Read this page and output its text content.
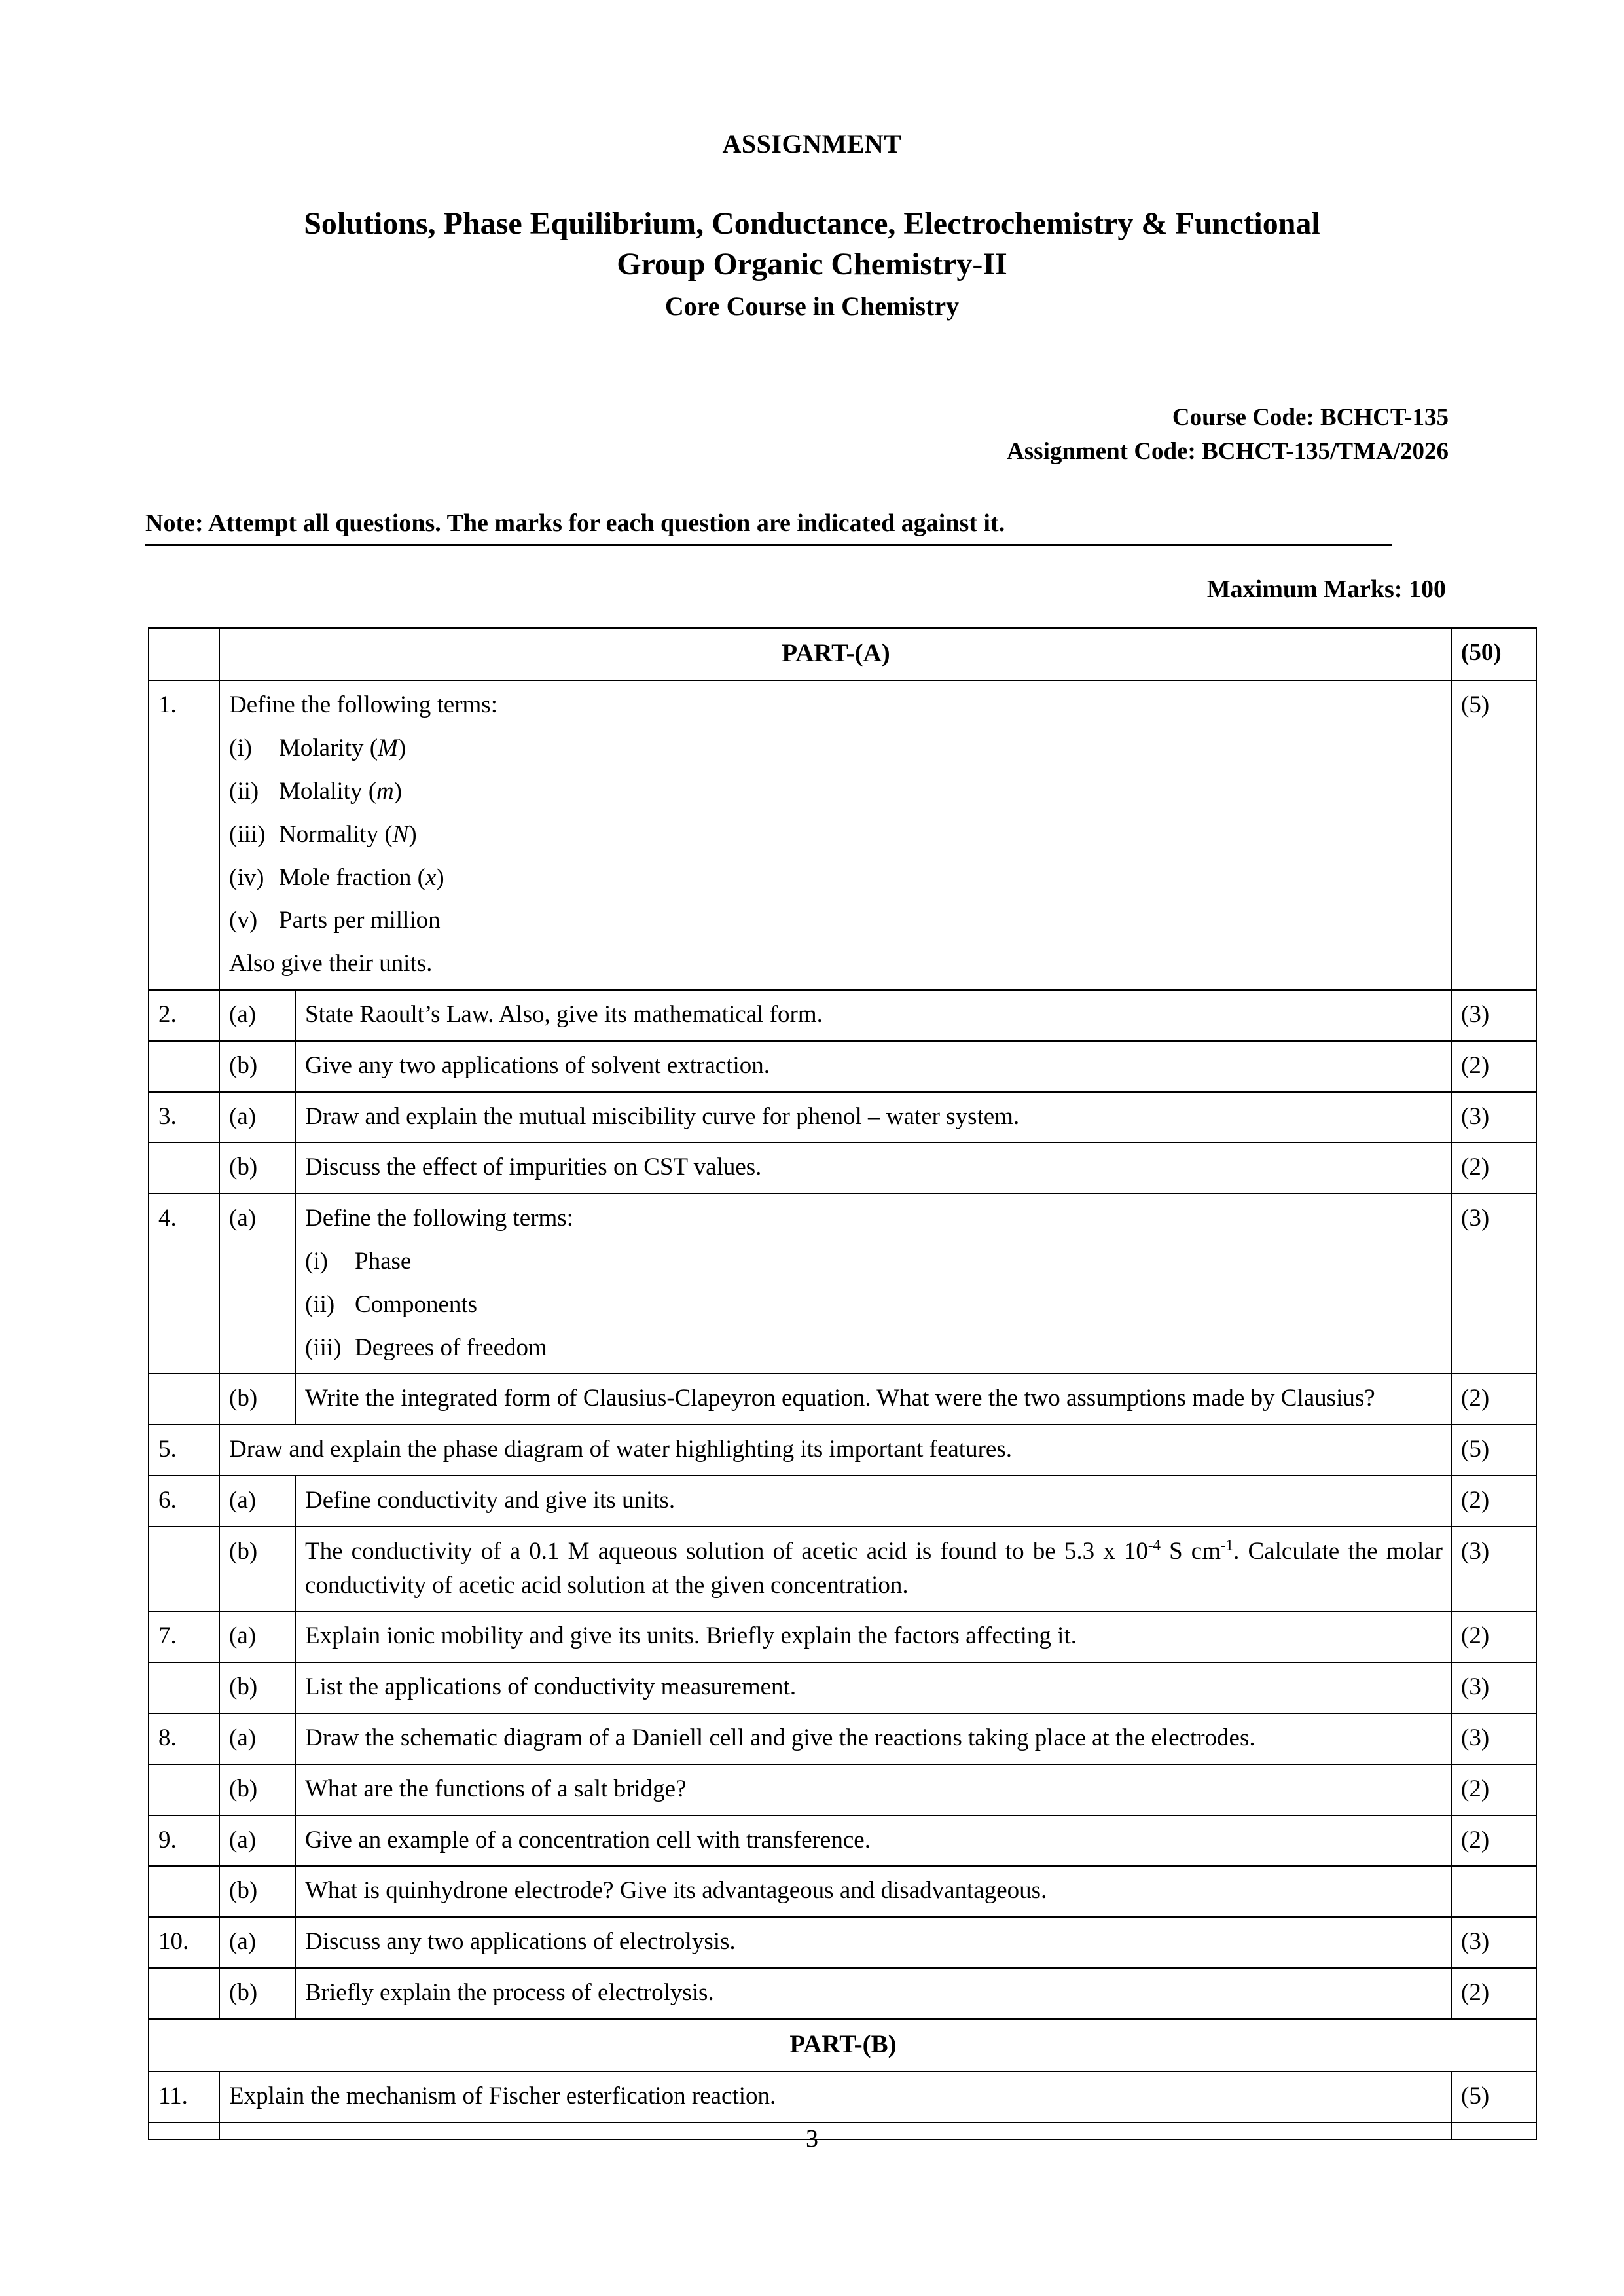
ASSIGNMENT
Solutions, Phase Equilibrium, Conductance, Electrochemistry & Functional
Group Organic Chemistry-II
Core Course in Chemistry
Course Code: BCHCT-135
Assignment Code: BCHCT-135/TMA/2026
Note: Attempt all questions. The marks for each question are indicated against it.
Maximum Marks: 100
	PART-(A)		(50)
1.	Define the following terms:
(i) Molarity (M)
(ii) Molality (m)
(iii) Normality (N)
(iv) Mole fraction (x)
(v) Parts per million
Also give their units.
	(5)
2.	(a)	State Raoult’s Law. Also, give its mathematical form.	(3)
	(b)	Give any two applications of solvent extraction.	(2)
3.	(a)	Draw and explain the mutual miscibility curve for phenol – water system.	(3)
	(b)	Discuss the effect of impurities on CST values.	(2)
4.	(a)	Define the following terms:
(i) Phase
(ii) Components
(iii) Degrees of freedom	(3)
	(b)	Write the integrated form of Clausius-Clapeyron equation. What were the two assumptions made by Clausius?	(2)
5.	Draw and explain the phase diagram of water highlighting its important features.		(5)
6.	(a)	Define conductivity and give its units.	(2)
	(b)	The conductivity of a 0.1 M aqueous solution of acetic acid is found to be 5.3 x $10^{-4}$ S $cm^{-1}$. Calculate the molar conductivity of acetic acid solution at the given concentration.	(3)
7.	(a)	Explain ionic mobility and give its units. Briefly explain the factors affecting it.	(2)
	(b)	List the applications of conductivity measurement.	(3)
8.	(a)	Draw the schematic diagram of a Daniell cell and give the reactions taking place at the electrodes.	(3)
	(b)	What are the functions of a salt bridge?	(2)
9.	(a)	Give an example of a concentration cell with transference.	(2)
	(b)	What is quinhydrone electrode? Give its advantageous and disadvantageous.	
10.	(a)	Discuss any two applications of electrolysis.	(3)
	(b)	Briefly explain the process of electrolysis.	(2)
PART-(B)			
11.	Explain the mechanism of Fischer esterfication reaction.		(5)

3
